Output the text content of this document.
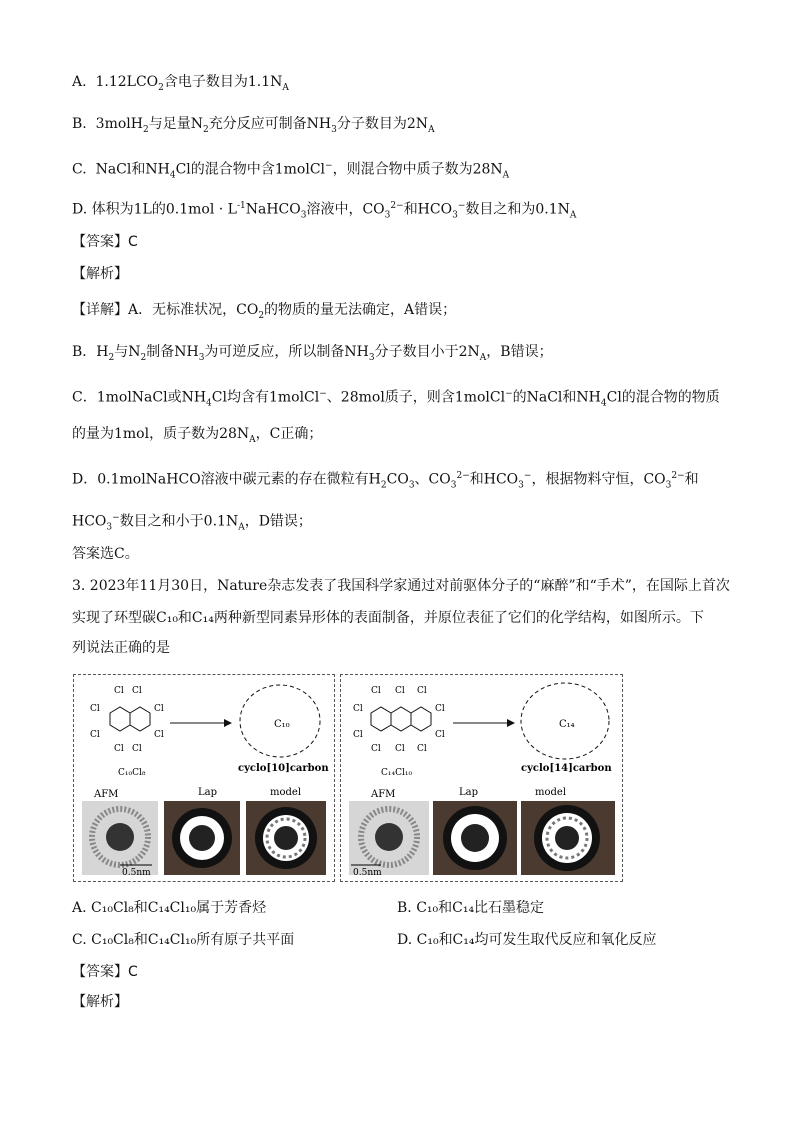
A. $1.12LCO_2$含电子数目为$1.1N_A$
B. 3molH$_2$与足量$N_2$充分反应可制备$NH_3$分子数目为$2N_A$
C. NaCl和$NH_4Cl$的混合物中含1molCl−，则混合物中质子数为$28N_A$
D. 体积为1L的$0.1mol \cdot L^{-1}NaHCO_3$溶液中，$CO_3^{2-}$和$HCO_3^-$数目之和为$0.1N_A$
【答案】C
【解析】
【详解】A．无标准状况，$CO_2$的物质的量无法确定，A错误；
B．$H_2$与$N_2$制备$NH_3$为可逆反应，所以制备$NH_3$分子数目小于$2N_A$，B错误；
C．1molNaCl或$NH_4Cl$均含有1molCl−、28mol质子，则含1molCl−的NaCl和$NH_4Cl$的混合物的物质
的量为1mol，质子数为$28N_A$，C正确；
D．0.1molNaHCO溶液中碳元素的存在微粒有$H_2CO_3$、$CO_3^{2-}$和$HCO_3^-$，根据物料守恒，$CO_3^{2-}$和
$HCO_3^-$数目之和小于$0.1N_A$，D错误；
答案选C。
3. 2023年11月30日，Nature杂志发表了我国科学家通过对前驱体分子的“麻醉”和“手术”，在国际上首次
实现了环型碳C₁₀和C₁₄两种新型同素异形体的表面制备，并原位表征了它们的化学结构，如图所示。下
列说法正确的是
Cl Cl
Cl	Cl
Cl	Cl
Cl Cl
C₁₀Cl₈
C₁₀
cyclo[10]carbon
AFM	Lap	model
0.5nm
Cl Cl Cl
Cl	Cl
Cl	Cl
Cl Cl Cl
C₁₄Cl₁₀
C₁₄
cyclo[14]carbon
AFM	Lap	model
0.5nm
A. C₁₀Cl₈和C₁₄Cl₁₀属于芳香烃	B. C₁₀和C₁₄比石墨稳定
C. C₁₀Cl₈和C₁₄Cl₁₀所有原子共平面	D. C₁₀和C₁₄均可发生取代反应和氧化反应
【答案】C
【解析】
